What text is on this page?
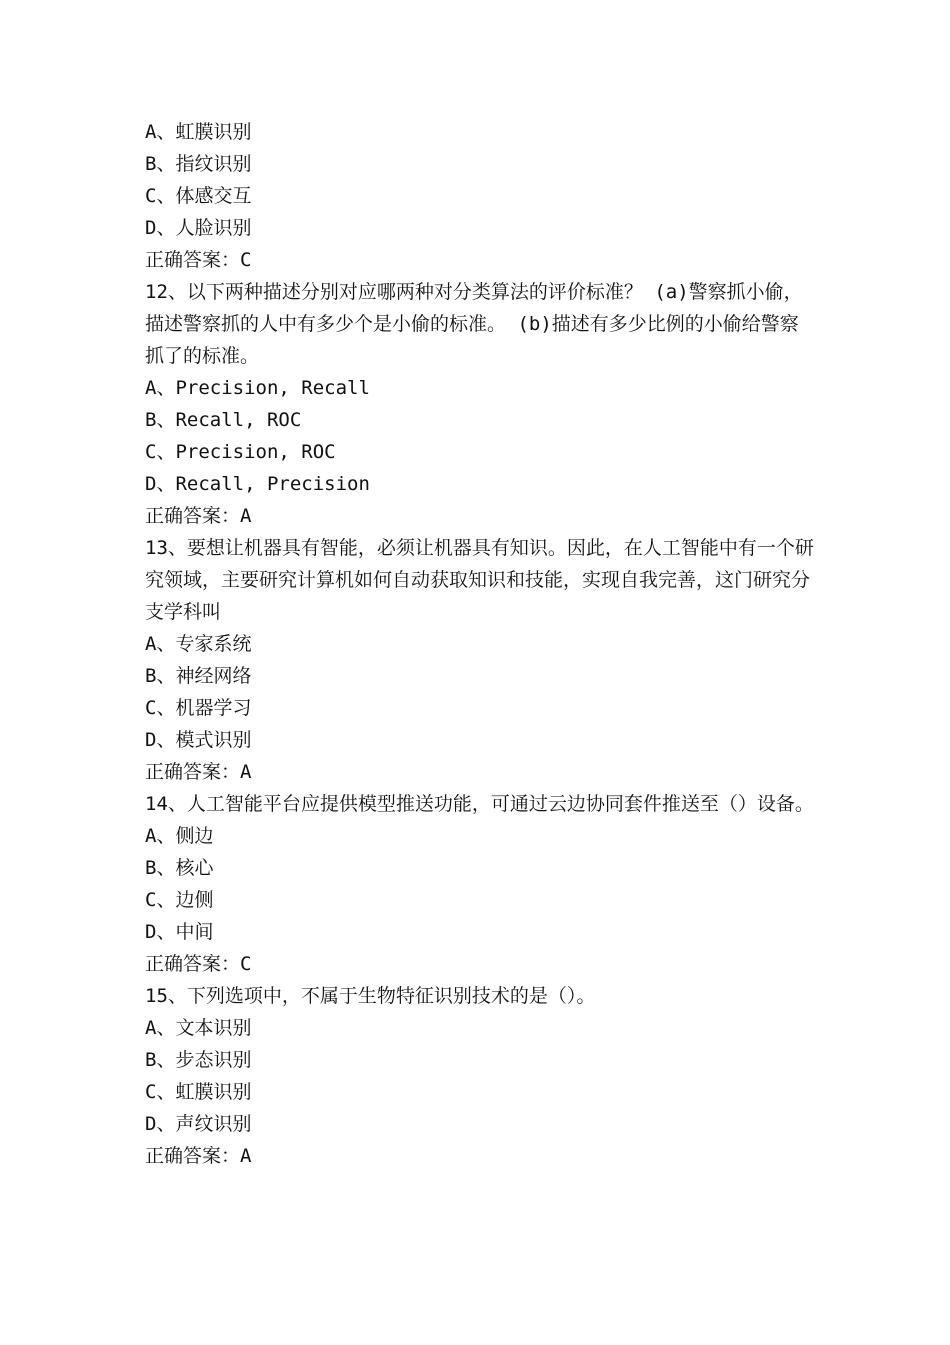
A、虹膜识别
B、指纹识别
C、体感交互
D、人脸识别
正确答案：C
12、以下两种描述分别对应哪两种对分类算法的评价标准？ (a)警察抓小偷，描述警察抓的人中有多少个是小偷的标准。 (b)描述有多少比例的小偷给警察抓了的标准。
A、Precision, Recall
B、Recall, ROC
C、Precision, ROC
D、Recall, Precision
正确答案：A
13、要想让机器具有智能，必须让机器具有知识。因此，在人工智能中有一个研究领域，主要研究计算机如何自动获取知识和技能，实现自我完善，这门研究分支学科叫
A、专家系统
B、神经网络
C、机器学习
D、模式识别
正确答案：A
14、人工智能平台应提供模型推送功能，可通过云边协同套件推送至（）设备。
A、侧边
B、核心
C、边侧
D、中间
正确答案：C
15、下列选项中，不属于生物特征识别技术的是（）。
A、文本识别
B、步态识别
C、虹膜识别
D、声纹识别
正确答案：A
